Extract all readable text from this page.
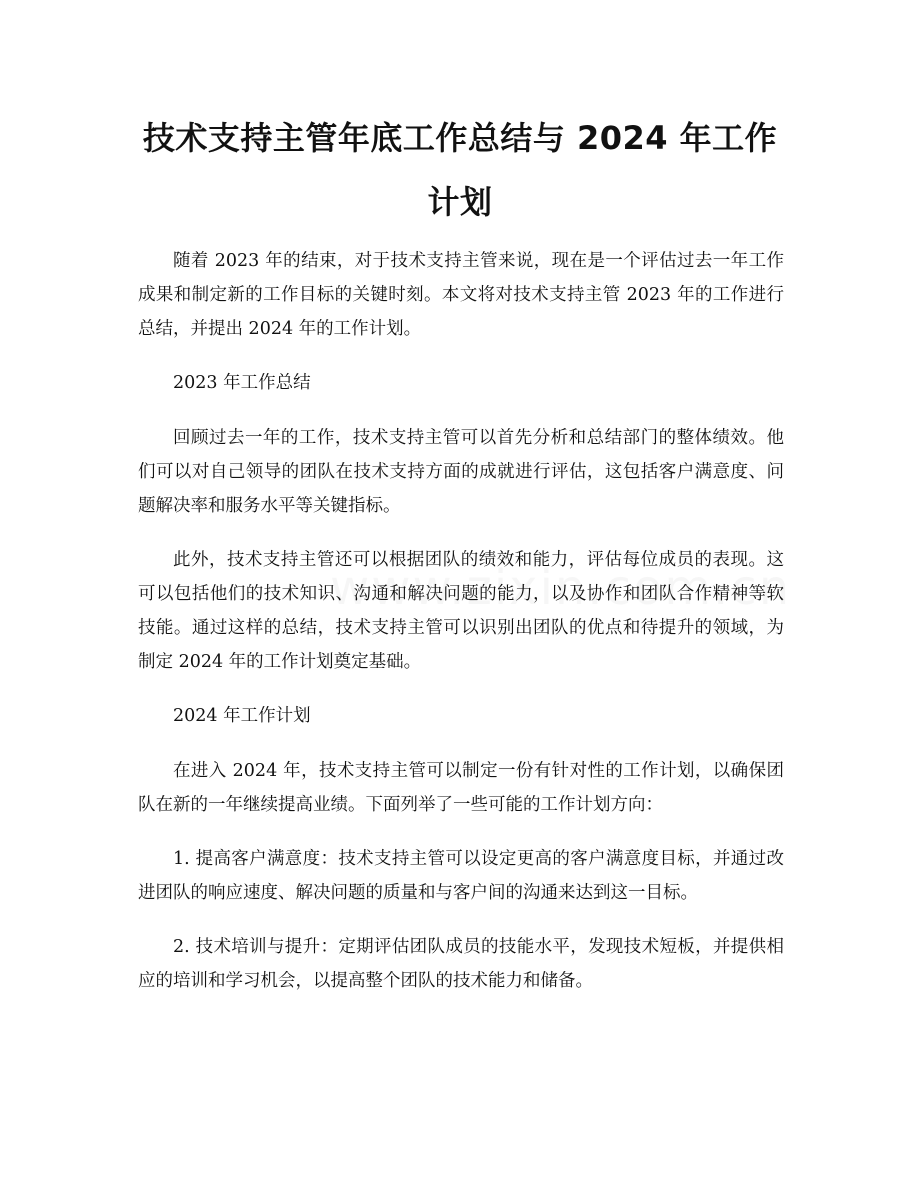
技术支持主管年底工作总结与 2024 年工作计划

随着 2023 年的结束，对于技术支持主管来说，现在是一个评估过去一年工作成果和制定新的工作目标的关键时刻。本文将对技术支持主管 2023 年的工作进行总结，并提出 2024 年的工作计划。

2023 年工作总结

回顾过去一年的工作，技术支持主管可以首先分析和总结部门的整体绩效。他们可以对自己领导的团队在技术支持方面的成就进行评估，这包括客户满意度、问题解决率和服务水平等关键指标。

此外，技术支持主管还可以根据团队的绩效和能力，评估每位成员的表现。这可以包括他们的技术知识、沟通和解决问题的能力，以及协作和团队合作精神等软技能。通过这样的总结，技术支持主管可以识别出团队的优点和待提升的领域，为制定 2024 年的工作计划奠定基础。

2024 年工作计划

在进入 2024 年，技术支持主管可以制定一份有针对性的工作计划，以确保团队在新的一年继续提高业绩。下面列举了一些可能的工作计划方向：

1. 提高客户满意度：技术支持主管可以设定更高的客户满意度目标，并通过改进团队的响应速度、解决问题的质量和与客户间的沟通来达到这一目标。

2. 技术培训与提升：定期评估团队成员的技能水平，发现技术短板，并提供相应的培训和学习机会，以提高整个团队的技术能力和储备。
